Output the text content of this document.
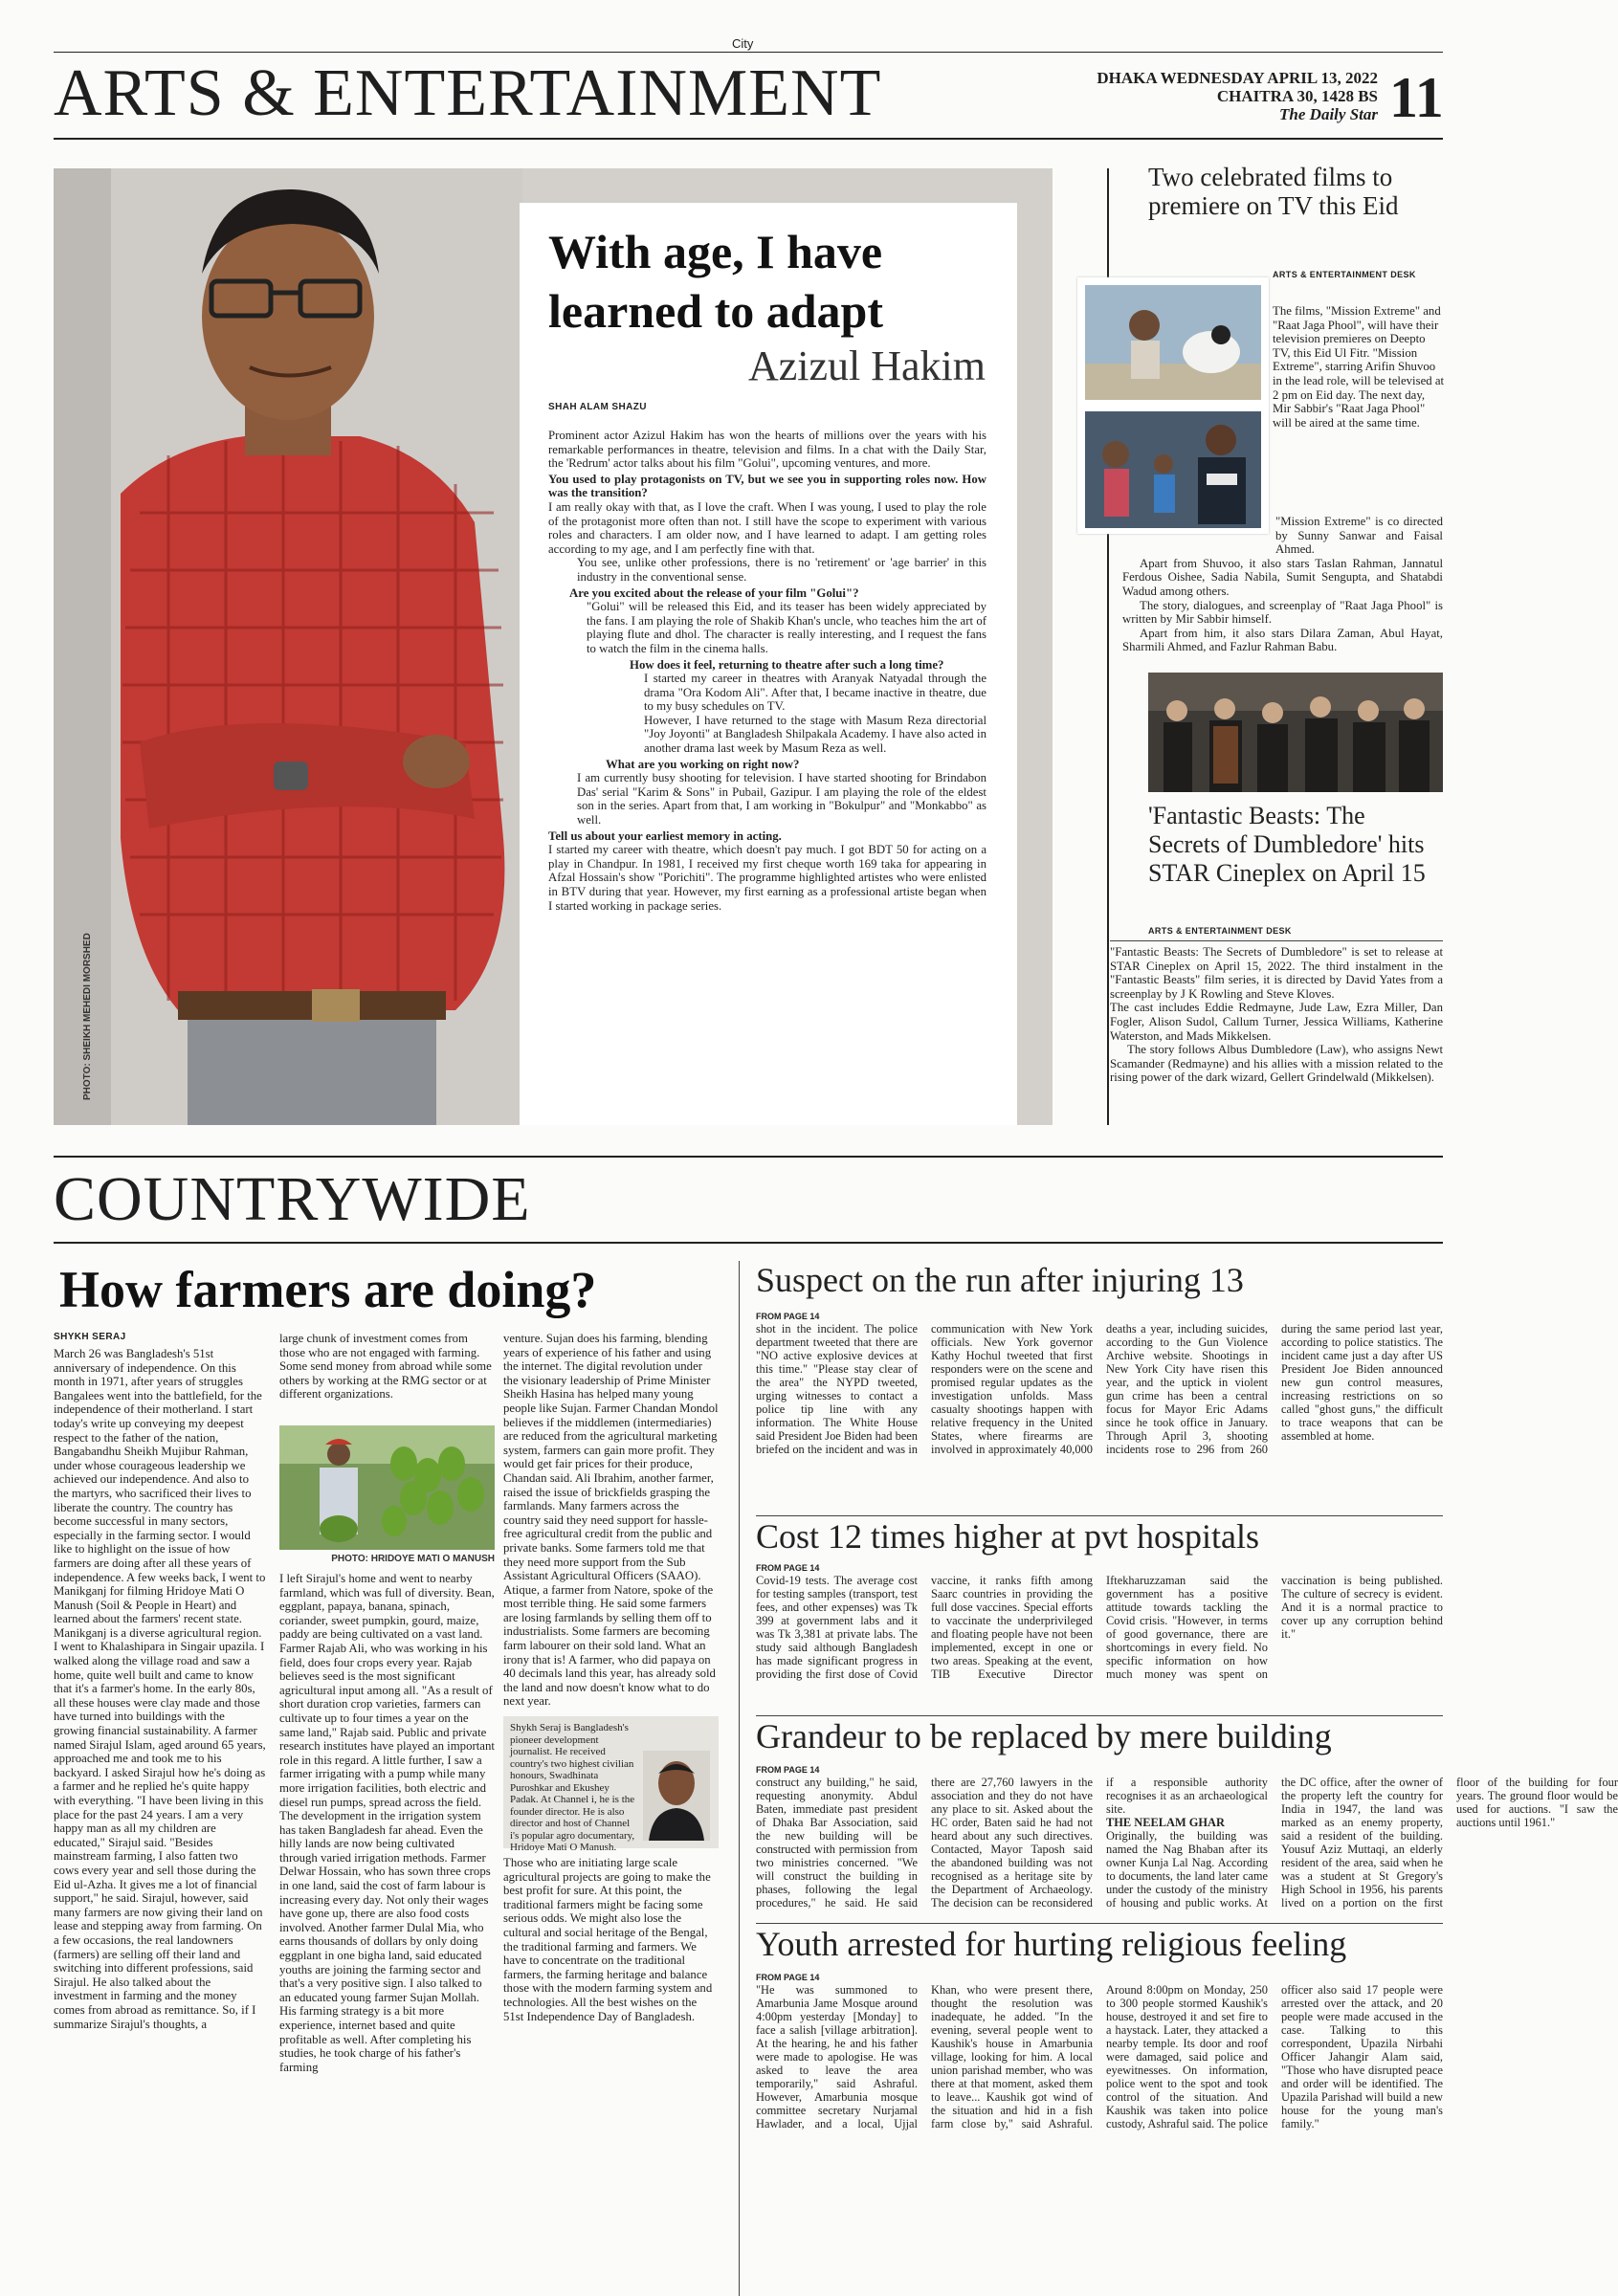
City
ARTS & ENTERTAINMENT	DHAKA WEDNESDAY APRIL 13, 2022
CHAITRA 30, 1428 BS
The Daily Star 11
PHOTO: SHEIKH MEHEDI MORSHED
With age, I have
learned to adapt
Azizul Hakim
SHAH ALAM SHAZU

Prominent actor Azizul Hakim has won the hearts of millions over the years with his remarkable performances in theatre, television and films. In a chat with the Daily Star, the 'Redrum' actor talks about his film "Golui", upcoming ventures, and more.

You used to play protagonists on TV, but we see you in supporting roles now. How was the transition?

I am really okay with that, as I love the craft. When I was young, I used to play the role of the protagonist more often than not. I still have the scope to experiment with various roles and characters. I am older now, and I have learned to adapt. I am getting roles according to my age, and I am perfectly fine with that.

You see, unlike other professions, there is no 'retirement' or 'age barrier' in this industry in the conventional sense.

Are you excited about the release of your film "Golui"?

"Golui" will be released this Eid, and its teaser has been widely appreciated by the fans. I am playing the role of Shakib Khan's uncle, who teaches him the art of playing flute and dhol. The character is really interesting, and I request the fans to watch the film in the cinema halls.

How does it feel, returning to theatre after such a long time?

I started my career in theatres with Aranyak Natyadal through the drama "Ora Kodom Ali". After that, I became inactive in theatre, due to my busy schedules on TV.

However, I have returned to the stage with Masum Reza directorial "Joy Joyonti" at Bangladesh Shilpakala Academy. I have also acted in another drama last week by Masum Reza as well.

What are you working on right now?

I am currently busy shooting for television. I have started shooting for Brindabon Das' serial "Karim & Sons" in Pubail, Gazipur. I am playing the role of the eldest son in the series. Apart from that, I am working in "Bokulpur" and "Monkabbo" as well.

Tell us about your earliest memory in acting.

I started my career with theatre, which doesn't pay much. I got BDT 50 for acting on a play in Chandpur. In 1981, I received my first cheque worth 169 taka for appearing in Afzal Hossain's show "Porichiti". The programme highlighted artistes who were enlisted in BTV during that year. However, my first earning as a professional artiste began when I started working in package series.

Two celebrated films to premiere on TV this Eid
ARTS & ENTERTAINMENT DESK
The films, "Mission Extreme" and "Raat Jaga Phool", will have their television premieres on Deepto TV, this Eid Ul Fitr. "Mission Extreme", starring Arifin Shuvoo in the lead role, will be televised at 2 pm on Eid day. The next day, Mir Sabbir's "Raat Jaga Phool" will be aired at the same time.

"Mission Extreme" is co directed by Sunny Sanwar and Faisal Ahmed.

Apart from Shuvoo, it also stars Taslan Rahman, Jannatul Ferdous Oishee, Sadia Nabila, Sumit Sengupta, and Shatabdi Wadud among others.

The story, dialogues, and screenplay of "Raat Jaga Phool" is written by Mir Sabbir himself.

Apart from him, it also stars Dilara Zaman, Abul Hayat, Sharmili Ahmed, and Fazlur Rahman Babu.

'Fantastic Beasts: The Secrets of Dumbledore' hits STAR Cineplex on April 15
ARTS & ENTERTAINMENT DESK

"Fantastic Beasts: The Secrets of Dumbledore" is set to release at STAR Cineplex on April 15, 2022. The third instalment in the "Fantastic Beasts" film series, it is directed by David Yates from a screenplay by J K Rowling and Steve Kloves.

The cast includes Eddie Redmayne, Jude Law, Ezra Miller, Dan Fogler, Alison Sudol, Callum Turner, Jessica Williams, Katherine Waterston, and Mads Mikkelsen.

The story follows Albus Dumbledore (Law), who assigns Newt Scamander (Redmayne) and his allies with a mission related to the rising power of the dark wizard, Gellert Grindelwald (Mikkelsen).

COUNTRYWIDE
How farmers are doing?
SHYKH SERAJ
March 26 was Bangladesh's 51st anniversary of independence. On this month in 1971, after years of struggles Bangalees went into the battlefield, for the independence of their motherland. I start today's write up conveying my deepest respect to the father of the nation, Bangabandhu Sheikh Mujibur Rahman, under whose courageous leadership we achieved our independence. And also to the martyrs, who sacrificed their lives to liberate the country. The country has become successful in many sectors, especially in the farming sector. I would like to highlight on the issue of how farmers are doing after all these years of independence. A few weeks back, I went to Manikganj for filming Hridoye Mati O Manush (Soil & People in Heart) and learned about the farmers' recent state. Manikganj is a diverse agricultural region. I went to Khalashipara in Singair upazila. I walked along the village road and saw a home, quite well built and came to know that it's a farmer's home. In the early 80s, all these houses were clay made and those have turned into buildings with the growing financial sustainability. A farmer named Sirajul Islam, aged around 65 years, approached me and took me to his backyard. I asked Sirajul how he's doing as a farmer and he replied he's quite happy with everything. "I have been living in this place for the past 24 years. I am a very happy man as all my children are educated," Sirajul said. "Besides mainstream farming, I also fatten two cows every year and sell those during the Eid ul-Azha. It gives me a lot of financial support," he said. Sirajul, however, said many farmers are now giving their land on lease and stepping away from farming. On a few occasions, the real landowners (farmers) are selling off their land and switching into different professions, said Sirajul. He also talked about the investment in farming and the money comes from abroad as remittance. So, if I summarize Sirajul's thoughts, a
large chunk of investment comes from those who are not engaged with farming. Some send money from abroad while some others by working at the RMG sector or at different organizations.
PHOTO: HRIDOYE MATI O MANUSH
I left Sirajul's home and went to nearby farmland, which was full of diversity. Bean, eggplant, papaya, banana, spinach, coriander, sweet pumpkin, gourd, maize, paddy are being cultivated on a vast land. Farmer Rajab Ali, who was working in his field, does four crops every year. Rajab believes seed is the most significant agricultural input among all. "As a result of short duration crop varieties, farmers can cultivate up to four times a year on the same land," Rajab said. Public and private research institutes have played an important role in this regard. A little further, I saw a farmer irrigating with a pump while many more irrigation facilities, both electric and diesel run pumps, spread across the field. The development in the irrigation system has taken Bangladesh far ahead. Even the hilly lands are now being cultivated through varied irrigation methods. Farmer Delwar Hossain, who has sown three crops in one land, said the cost of farm labour is increasing every day. Not only their wages have gone up, there are also food costs involved. Another farmer Dulal Mia, who earns thousands of dollars by only doing eggplant in one bigha land, said educated youths are joining the farming sector and that's a very positive sign. I also talked to an educated young farmer Sujan Mollah. His farming strategy is a bit more experience, internet based and quite profitable as well. After completing his studies, he took charge of his father's farming
venture. Sujan does his farming, blending years of experience of his father and using the internet. The digital revolution under the visionary leadership of Prime Minister Sheikh Hasina has helped many young people like Sujan. Farmer Chandan Mondol believes if the middlemen (intermediaries) are reduced from the agricultural marketing system, farmers can gain more profit. They would get fair prices for their produce, Chandan said. Ali Ibrahim, another farmer, raised the issue of brickfields grasping the farmlands. Many farmers across the country said they need support for hassle-free agricultural credit from the public and private banks. Some farmers told me that they need more support from the Sub Assistant Agricultural Officers (SAAO). Atique, a farmer from Natore, spoke of the most terrible thing. He said some farmers are losing farmlands by selling them off to industrialists. Some farmers are becoming farm labourer on their sold land. What an irony that is! A farmer, who did papaya on 40 decimals land this year, has already sold the land and now doesn't know what to do next year.
Shykh Seraj is Bangladesh's pioneer development journalist. He received country's two highest civilian honours, Swadhinata Puroshkar and Ekushey Padak. At Channel i, he is the founder director. He is also director and host of Channel i's popular agro documentary, Hridoye Mati O Manush.
Those who are initiating large scale agricultural projects are going to make the best profit for sure. At this point, the traditional farmers might be facing some serious odds. We might also lose the cultural and social heritage of the Bengal, the traditional farming and farmers. We have to concentrate on the traditional farmers, the farming heritage and balance those with the modern farming system and technologies. All the best wishes on the 51st Independence Day of Bangladesh.
Suspect on the run after injuring 13
FROM PAGE 14
shot in the incident. The police department tweeted that there are "NO active explosive devices at this time." "Please stay clear of the area" the NYPD tweeted, urging witnesses to contact a police tip line with any information. The White House said President Joe Biden had been briefed on the incident and was in communication with New York officials. New York governor Kathy Hochul tweeted that first responders were on the scene and promised regular updates as the investigation unfolds. Mass casualty shootings happen with relative frequency in the United States, where firearms are involved in approximately 40,000 deaths a year, including suicides, according to the Gun Violence Archive website. Shootings in New York City have risen this year, and the uptick in violent gun crime has been a central focus for Mayor Eric Adams since he took office in January. Through April 3, shooting incidents rose to 296 from 260 during the same period last year, according to police statistics. The incident came just a day after US President Joe Biden announced new gun control measures, increasing restrictions on so called "ghost guns," the difficult to trace weapons that can be assembled at home.
Cost 12 times higher at pvt hospitals
FROM PAGE 14
Covid-19 tests. The average cost for testing samples (transport, test fees, and other expenses) was Tk 399 at government labs and it was Tk 3,381 at private labs. The study said although Bangladesh has made significant progress in providing the first dose of Covid vaccine, it ranks fifth among Saarc countries in providing the full dose vaccines. Special efforts to vaccinate the underprivileged and floating people have not been implemented, except in one or two areas. Speaking at the event, TIB Executive Director Iftekharuzzaman said the government has a positive attitude towards tackling the Covid crisis. "However, in terms of good governance, there are shortcomings in every field. No specific information on how much money was spent on vaccination is being published. The culture of secrecy is evident. And it is a normal practice to cover up any corruption behind it."
Grandeur to be replaced by mere building
FROM PAGE 14
construct any building," he said, requesting anonymity. Abdul Baten, immediate past president of Dhaka Bar Association, said the new building will be constructed with permission from two ministries concerned. "We will construct the building in phases, following the legal procedures," he said. He said there are 27,760 lawyers in the association and they do not have any place to sit. Asked about the HC order, Baten said he had not heard about any such directives. Contacted, Mayor Taposh said the abandoned building was not recognised as a heritage site by the Department of Archaeology. The decision can be reconsidered if a responsible authority recognises it as an archaeological site.
THE NEELAM GHAR
Originally, the building was named the Nag Bhaban after its owner Kunja Lal Nag. According to documents, the land later came under the custody of the ministry of housing and public works. At the DC office, after the owner of the property left the country for India in 1947, the land was marked as an enemy property, said a resident of the building. Yousuf Aziz Muttaqi, an elderly resident of the area, said when he was a student at St Gregory's High School in 1956, his parents lived on a portion on the first floor of the building for four years. The ground floor would be used for auctions. "I saw the auctions until 1961."
Youth arrested for hurting religious feeling
FROM PAGE 14
"He was summoned to Amarbunia Jame Mosque around 4:00pm yesterday [Monday] to face a salish [village arbitration]. At the hearing, he and his father were made to apologise. He was asked to leave the area temporarily," said Ashraful. However, Amarbunia mosque committee secretary Nurjamal Hawlader, and a local, Ujjal Khan, who were present there, thought the resolution was inadequate, he added. "In the evening, several people went to Kaushik's house in Amarbunia village, looking for him. A local union parishad member, who was there at that moment, asked them to leave... Kaushik got wind of the situation and hid in a fish farm close by," said Ashraful. Around 8:00pm on Monday, 250 to 300 people stormed Kaushik's house, destroyed it and set fire to a haystack. Later, they attacked a nearby temple. Its door and roof were damaged, said police and eyewitnesses. On information, police went to the spot and took control of the situation. And Kaushik was taken into police custody, Ashraful said. The police officer also said 17 people were arrested over the attack, and 20 people were made accused in the case. Talking to this correspondent, Upazila Nirbahi Officer Jahangir Alam said, "Those who have disrupted peace and order will be identified. The Upazila Parishad will build a new house for the young man's family."
